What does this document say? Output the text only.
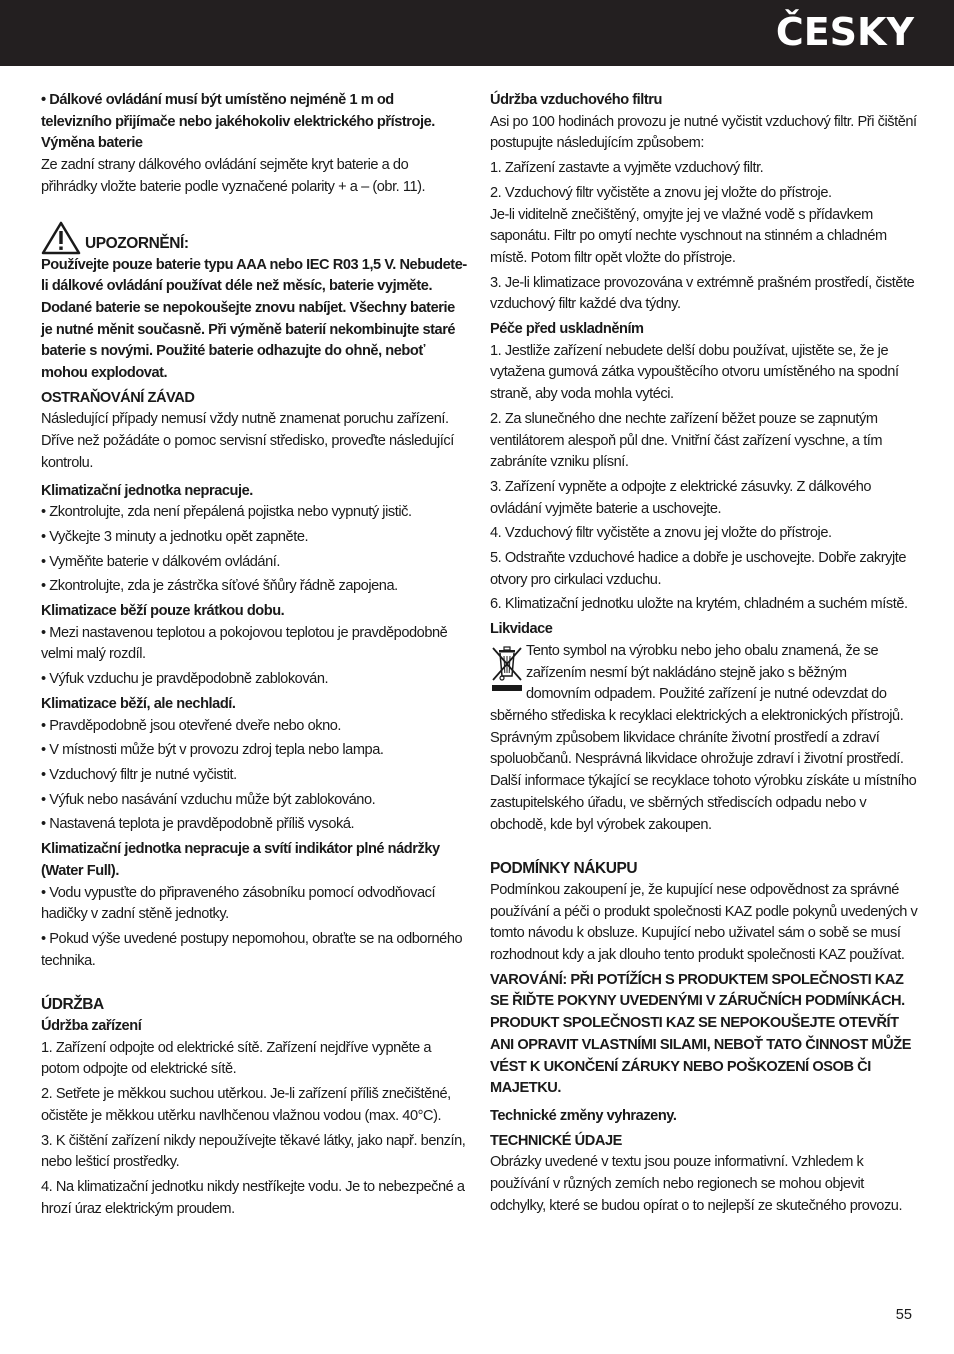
ČESKY

• Dálkové ovládání musí být umístěno nejméně 1 m od televizního přijímače nebo jakéhokoliv elektrického přístroje.

Výměna baterie

Ze zadní strany dálkového ovládání sejměte kryt baterie a do přihrádky vložte baterie podle vyznačené polarity + a – (obr. 11).

UPOZORNĚNÍ:

Používejte pouze baterie typu AAA nebo IEC R03 1,5 V. Nebudete-li dálkové ovládání používat déle než měsíc, baterie vyjměte. Dodané baterie se nepokoušejte znovu nabíjet. Všechny baterie je nutné měnit současně. Při výměně baterií nekombinujte staré baterie s novými. Použité baterie odhazujte do ohně, neboť mohou explodovat.

OSTRAŇOVÁNÍ ZÁVAD

Následující případy nemusí vždy nutně znamenat poruchu zařízení. Dříve než požádáte o pomoc servisní středisko, proveďte následující kontrolu.

Klimatizační jednotka nepracuje.

• Zkontrolujte, zda není přepálená pojistka nebo vypnutý jistič.

• Vyčkejte 3 minuty a jednotku opět zapněte.

• Vyměňte baterie v dálkovém ovládání.

• Zkontrolujte, zda je zástrčka síťové šňůry řádně zapojena.

Klimatizace běží pouze krátkou dobu.

• Mezi nastavenou teplotou a pokojovou teplotou je pravděpodobně velmi malý rozdíl.

• Výfuk vzduchu je pravděpodobně zablokován.

Klimatizace běží, ale nechladí.

• Pravděpodobně jsou otevřené dveře nebo okno.

• V místnosti může být v provozu zdroj tepla nebo lampa.

• Vzduchový filtr je nutné vyčistit.

• Výfuk nebo nasávání vzduchu může být zablokováno.

• Nastavená teplota je pravděpodobně příliš vysoká.

Klimatizační jednotka nepracuje a svítí indikátor plné nádržky (Water Full).

• Vodu vypusťte do připraveného zásobníku pomocí odvodňovací hadičky v zadní stěně jednotky.

• Pokud výše uvedené postupy nepomohou, obraťte se na odborného technika.

ÚDRŽBA

Údržba zařízení

1. Zařízení odpojte od elektrické sítě. Zařízení nejdříve vypněte a potom odpojte od elektrické sítě.

2. Setřete je měkkou suchou utěrkou. Je-li zařízení příliš znečištěné, očistěte je měkkou utěrku navlhčenou vlažnou vodou (max. 40°C).

3. K čištění zařízení nikdy nepoužívejte těkavé látky, jako např. benzín, nebo lešticí prostředky.

4. Na klimatizační jednotku nikdy nestříkejte vodu. Je to nebezpečné a hrozí úraz elektrickým proudem.

Údržba vzduchového filtru

Asi po 100 hodinách provozu je nutné vyčistit vzduchový filtr. Při čištění postupujte následujícím způsobem:

1. Zařízení zastavte a vyjměte vzduchový filtr.

2. Vzduchový filtr vyčistěte a znovu jej vložte do přístroje.

Je-li viditelně znečištěný, omyjte jej ve vlažné vodě s přídavkem saponátu. Filtr po omytí nechte vyschnout na stinném a chladném místě. Potom filtr opět vložte do přístroje.

3. Je-li klimatizace provozována v extrémně prašném prostředí, čistěte vzduchový filtr každé dva týdny.

Péče před uskladněním

1. Jestliže zařízení nebudete delší dobu používat, ujistěte se, že je vytažena gumová zátka vypouštěcího otvoru umístěného na spodní straně, aby voda mohla vytéci.

2. Za slunečného dne nechte zařízení běžet pouze se zapnutým ventilátorem alespoň půl dne. Vnitřní část zařízení vyschne, a tím zabráníte vzniku plísní.

3. Zařízení vypněte a odpojte z elektrické zásuvky. Z dálkového ovládání vyjměte baterie a uschovejte.

4. Vzduchový filtr vyčistěte a znovu jej vložte do přístroje.

5. Odstraňte vzduchové hadice a dobře je uschovejte. Dobře zakryjte otvory pro cirkulaci vzduchu.

6. Klimatizační jednotku uložte na krytém, chladném a suchém místě.

Likvidace

Tento symbol na výrobku nebo jeho obalu znamená, že se

zařízením nesmí být nakládáno stejně jako s běžným

domovním odpadem. Použité zařízení je nutné odevzdat do

sběrného střediska k recyklaci elektrických a elektronických přístrojů. Správným způsobem likvidace chráníte životní prostředí a zdraví spoluobčanů. Nesprávná likvidace ohrožuje zdraví i životní prostředí. Další informace týkající se recyklace tohoto výrobku získáte u místního zastupitelského úřadu, ve sběrných střediscích odpadu nebo v obchodě, kde byl výrobek zakoupen.

PODMÍNKY NÁKUPU

Podmínkou zakoupení je, že kupující nese odpovědnost za správné používání a péči o produkt společnosti KAZ podle pokynů uvedených v tomto návodu k obsluze. Kupující nebo uživatel sám o sobě se musí rozhodnout kdy a jak dlouho tento produkt společnosti KAZ používat.

VAROVÁNÍ: PŘI POTÍŽÍCH S PRODUKTEM SPOLEČNOSTI KAZ SE ŘIĎTE POKYNY UVEDENÝMI V ZÁRUČNÍCH PODMÍNKÁCH. PRODUKT SPOLEČNOSTI KAZ SE NEPOKOUŠEJTE OTEVŘÍT ANI OPRAVIT VLASTNÍMI SILAMI, NEBOŤ TATO ČINNOST MŮŽE VÉST K UKONČENÍ ZÁRUKY NEBO POŠKOZENÍ OSOB ČI MAJETKU.

Technické změny vyhrazeny.

TECHNICKÉ ÚDAJE

Obrázky uvedené v textu jsou pouze informativní. Vzhledem k používání v různých zemích nebo regionech se mohou objevit odchylky, které se budou opírat o to nejlepší ze skutečného provozu.

55
